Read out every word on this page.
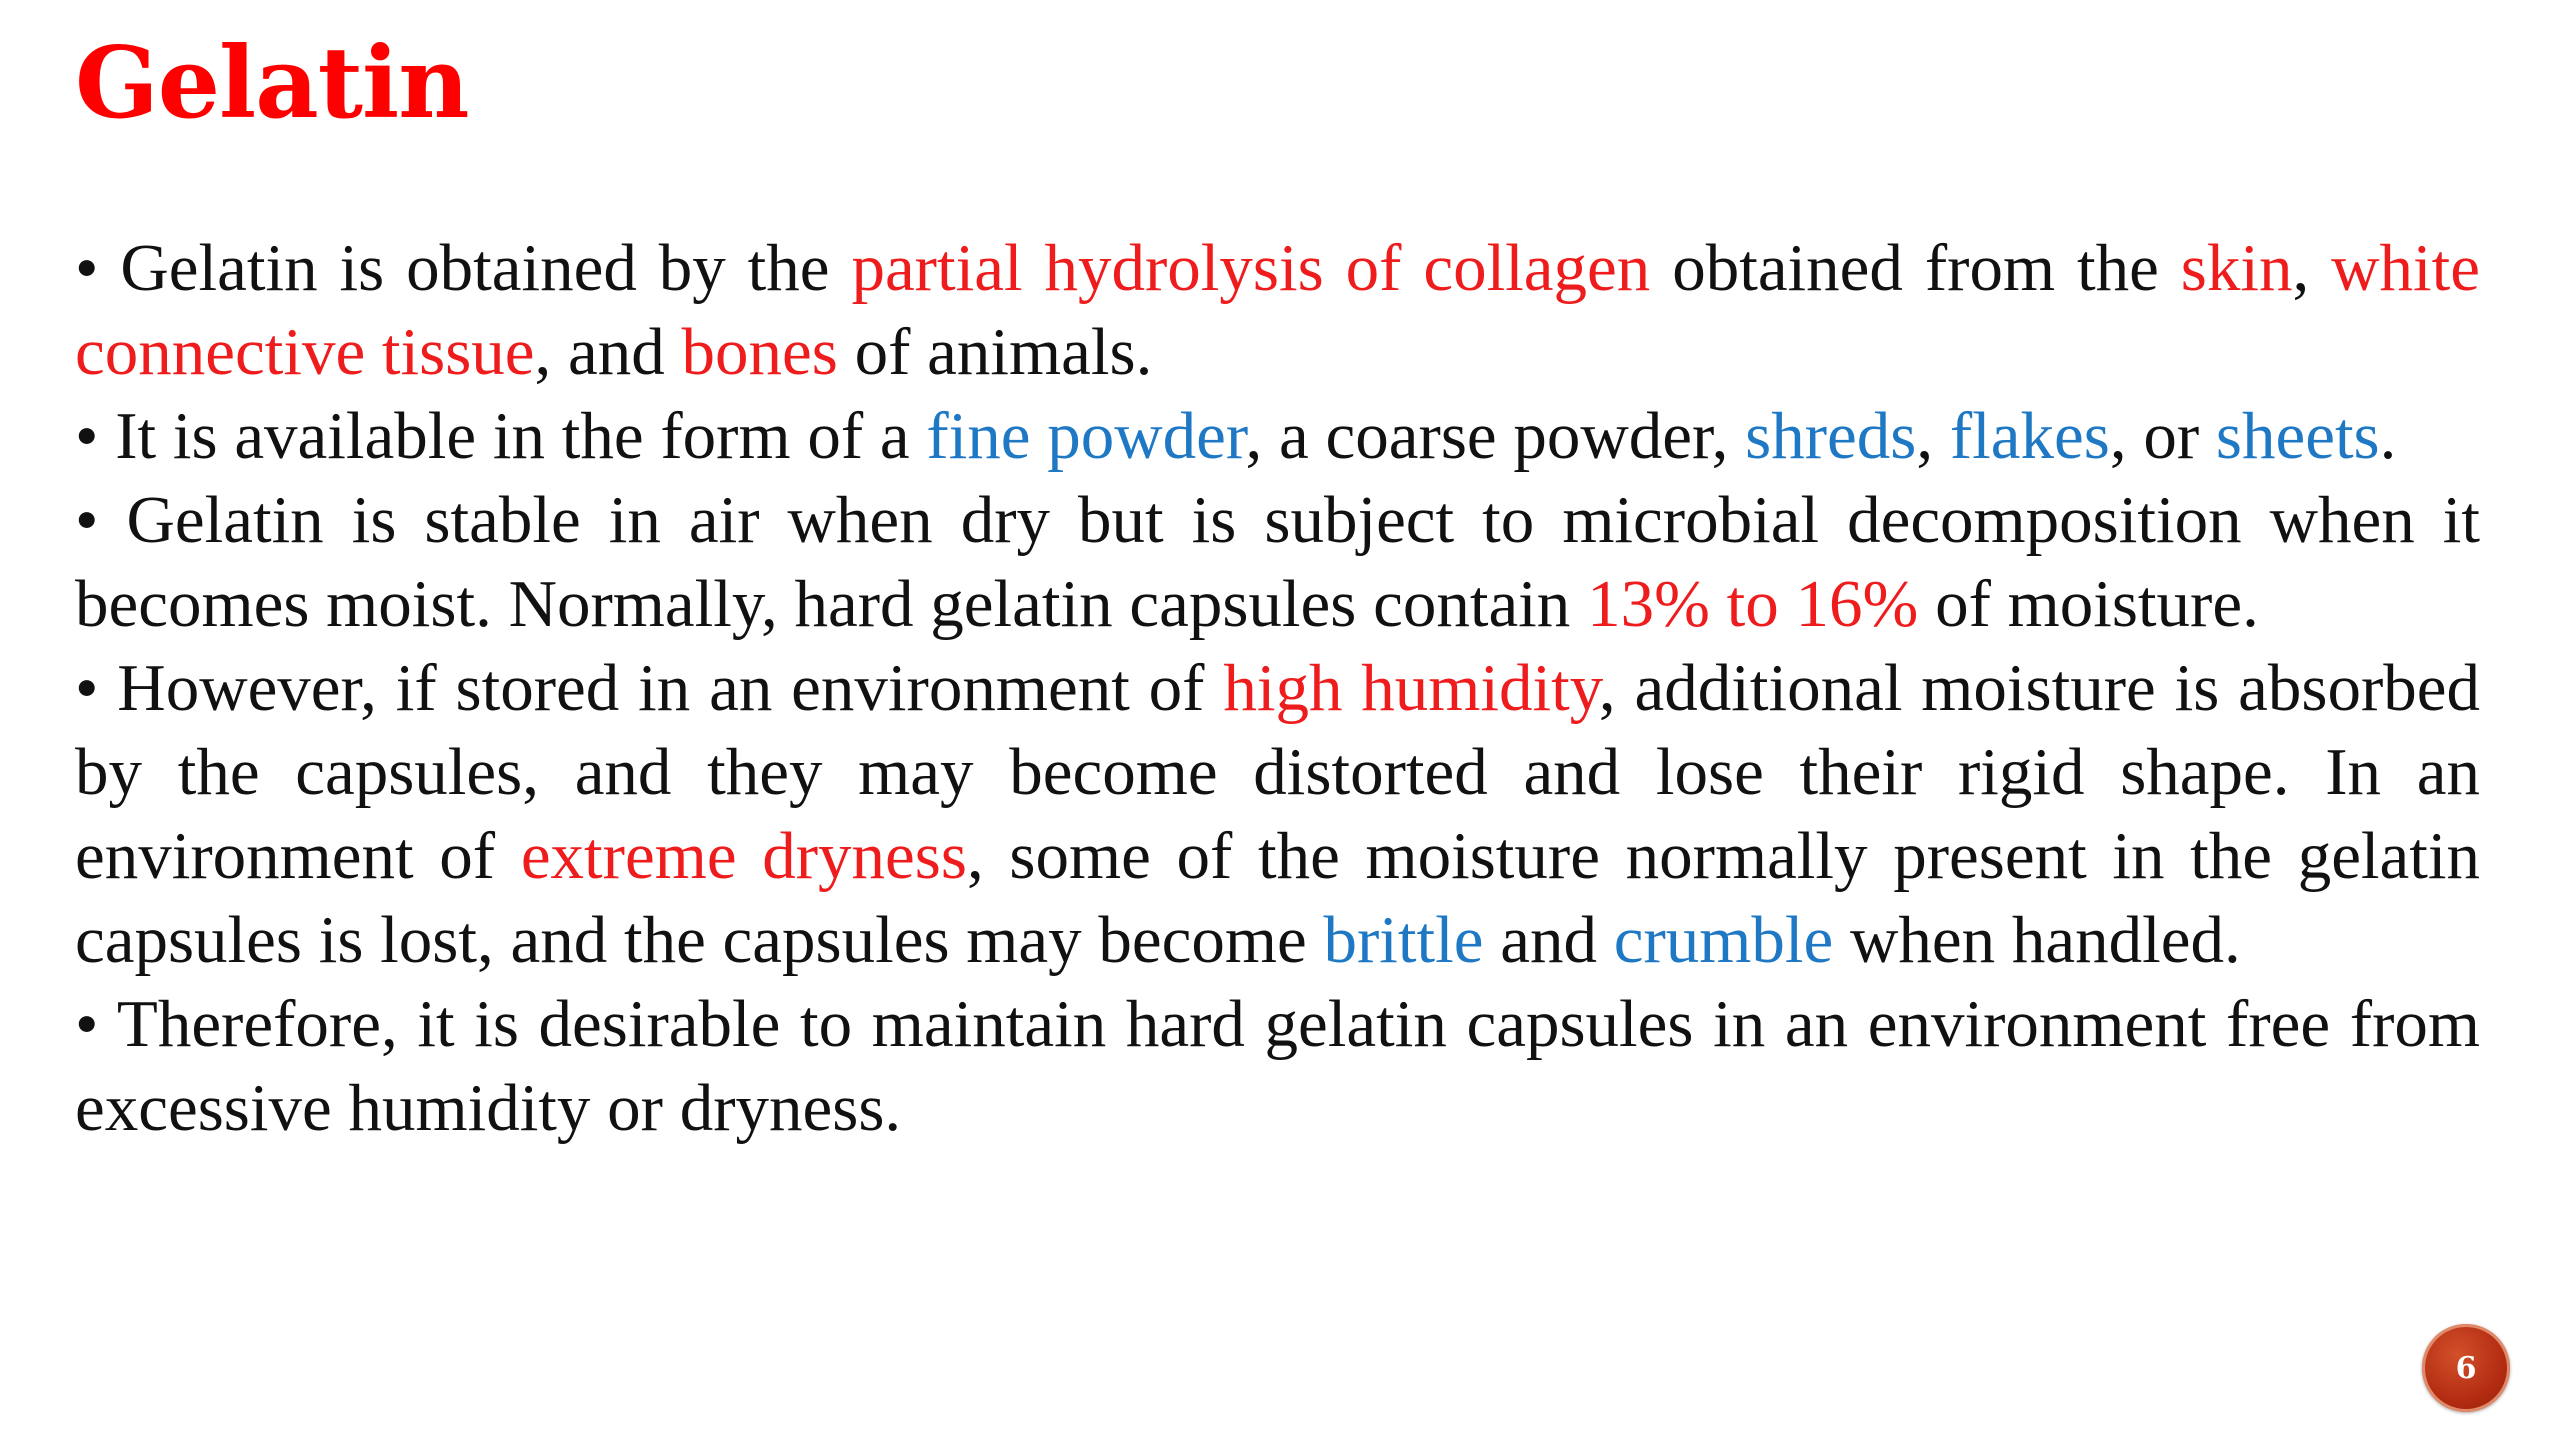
Gelatin

• Gelatin is obtained by the partial hydrolysis of collagen obtained from the skin, white connective tissue, and bones of animals.

• It is available in the form of a fine powder, a coarse powder, shreds, flakes, or sheets.

• Gelatin is stable in air when dry but is subject to microbial decomposition when it becomes moist. Normally, hard gelatin capsules contain 13% to 16% of moisture.

• However, if stored in an environment of high humidity, additional moisture is absorbed by the capsules, and they may become distorted and lose their rigid shape. In an environment of extreme dryness, some of the moisture normally present in the gelatin capsules is lost, and the capsules may become brittle and crumble when handled.

• Therefore, it is desirable to maintain hard gelatin capsules in an environment free from excessive humidity or dryness.

6
